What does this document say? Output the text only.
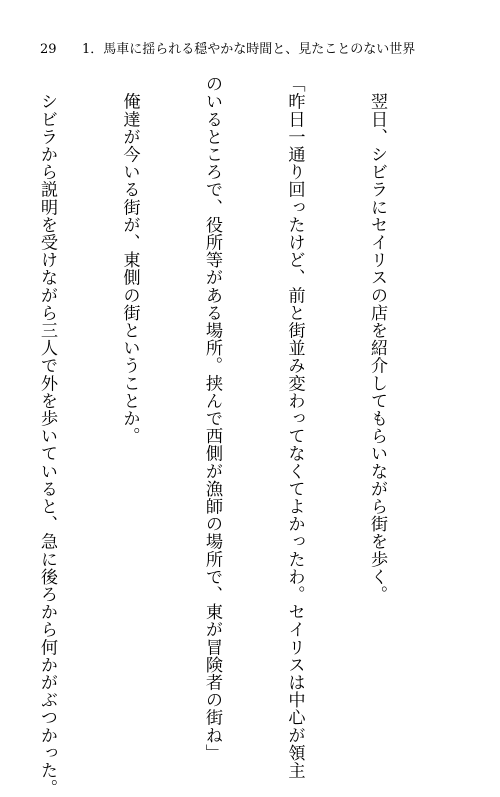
29 1．馬車に揺られる穏やかな時間と、見たことのない世界

　翌日、シビラにセイリスの店を紹介してもらいながら街を歩く。

「昨日一通り回ったけど、前と街並み変わってなくてよかったわ。セイリスは中心が領主

のいるところで、役所等がある場所。挟んで西側が漁師の場所で、東が冒険者の街ね」

　俺達が今いる街が、東側の街ということか。

　シビラから説明を受けながら三人で外を歩いていると、急に後ろから何かがぶつかった。
